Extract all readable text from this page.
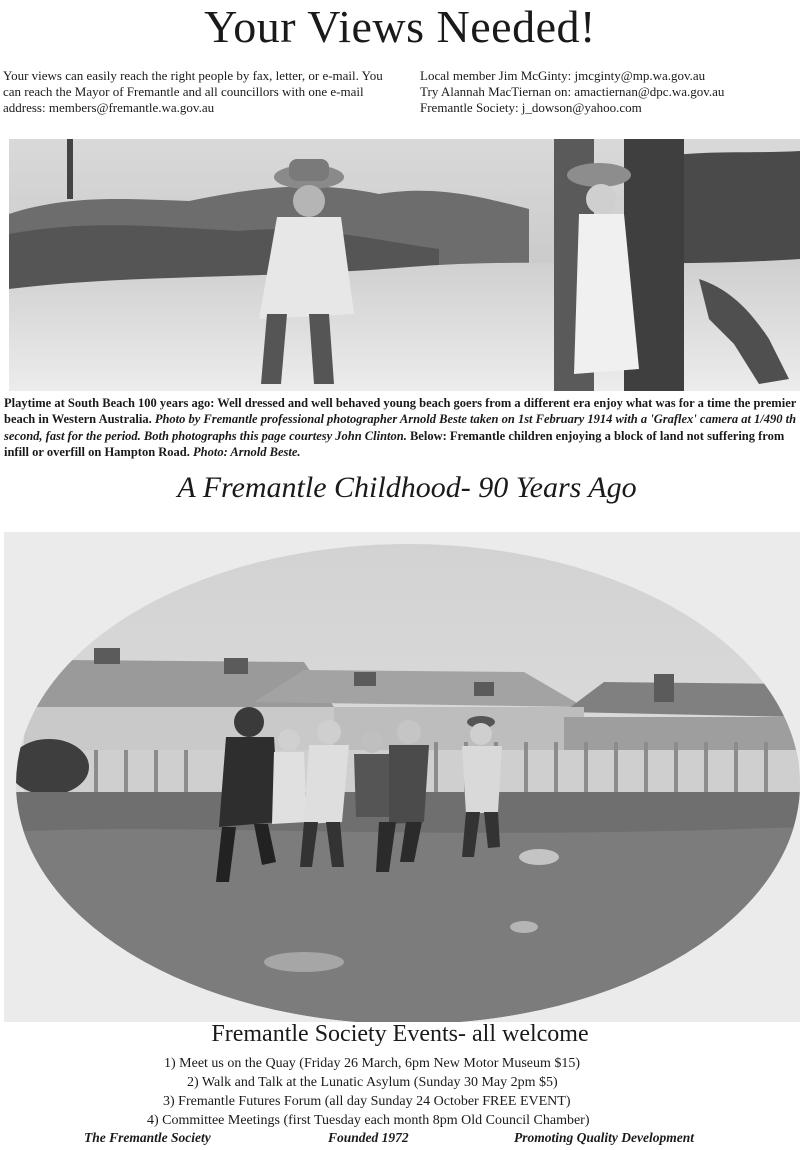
Your Views Needed!
Your views can easily reach the right people by fax, letter, or e-mail. You can reach the Mayor of Fremantle and all councillors with one e-mail address: members@fremantle.wa.gov.au
Local member Jim McGinty: jmcginty@mp.wa.gov.au
Try Alannah MacTiernan on: amactiernan@dpc.wa.gov.au
Fremantle Society: j_dowson@yahoo.com
Playtime at South Beach 100 years ago: Well dressed and well behaved young beach goers from a different era enjoy what was for a time the premier beach in Western Australia. Photo by Fremantle professional photographer Arnold Beste taken on 1st February 1914 with a 'Graflex' camera at 1/490 th second, fast for the period. Both photographs this page courtesy John Clinton. Below: Fremantle children enjoying a block of land not suffering from infill or overfill on Hampton Road. Photo: Arnold Beste.
A Fremantle Childhood- 90 Years Ago
Fremantle Society Events- all welcome
1) Meet us on the Quay (Friday 26 March, 6pm New Motor Museum $15)
2) Walk and Talk at the Lunatic Asylum (Sunday 30 May 2pm $5)
3) Fremantle Futures Forum (all day Sunday 24 October FREE EVENT)
4) Committee Meetings (first Tuesday each month 8pm Old Council Chamber)
The Fremantle Society	Founded 1972	Promoting Quality Development
